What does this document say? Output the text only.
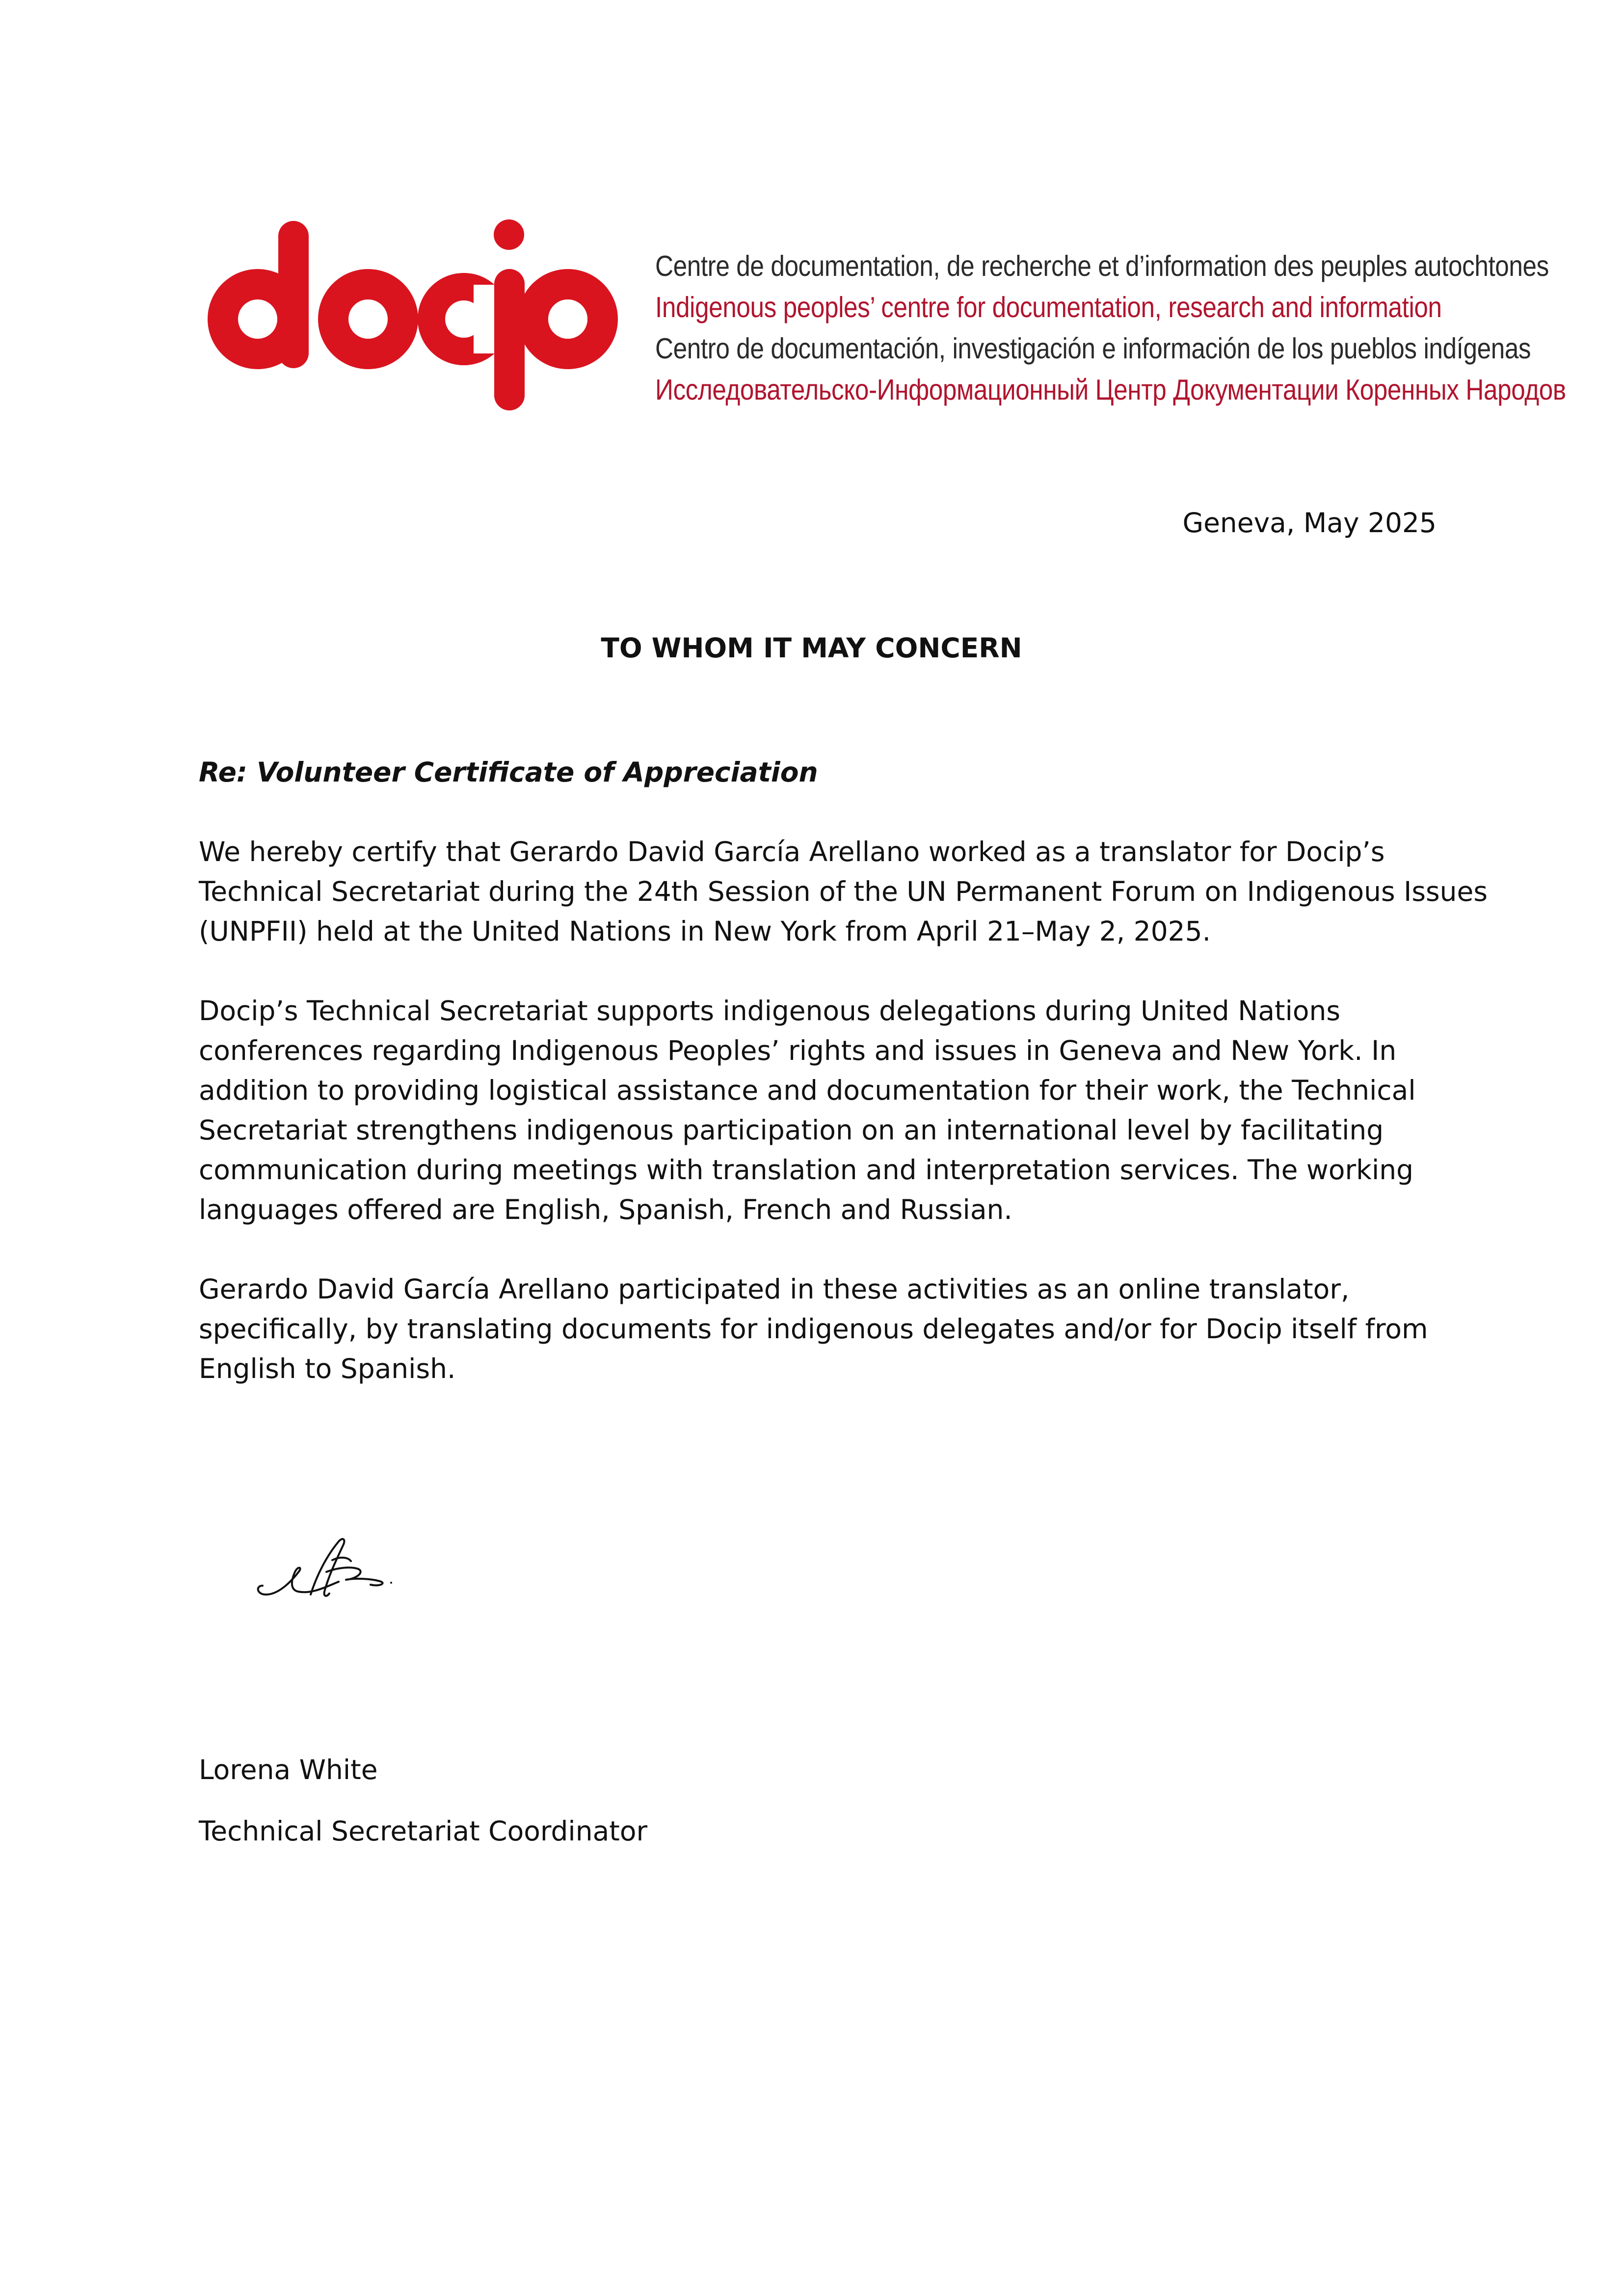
Centre de documentation, de recherche et d’information des peuples autochtones
Indigenous peoples’ centre for documentation, research and information
Centro de documentación, investigación e información de los pueblos indígenas
Исследовательско-Информационный Центр Документации Коренных Народов
Geneva, May 2025
TO WHOM IT MAY CONCERN
Re: Volunteer Certificate of Appreciation

We hereby certify that Gerardo David García Arellano worked as a translator for Docip’s
Technical Secretariat during the 24th Session of the UN Permanent Forum on Indigenous Issues
(UNPFII) held at the United Nations in New York from April 21–May 2, 2025.

Docip’s Technical Secretariat supports indigenous delegations during United Nations
conferences regarding Indigenous Peoples’ rights and issues in Geneva and New York. In
addition to providing logistical assistance and documentation for their work, the Technical
Secretariat strengthens indigenous participation on an international level by facilitating
communication during meetings with translation and interpretation services. The working
languages offered are English, Spanish, French and Russian.

Gerardo David García Arellano participated in these activities as an online translator,
specifically, by translating documents for indigenous delegates and/or for Docip itself from
English to Spanish.

Lorena White
Technical Secretariat Coordinator
